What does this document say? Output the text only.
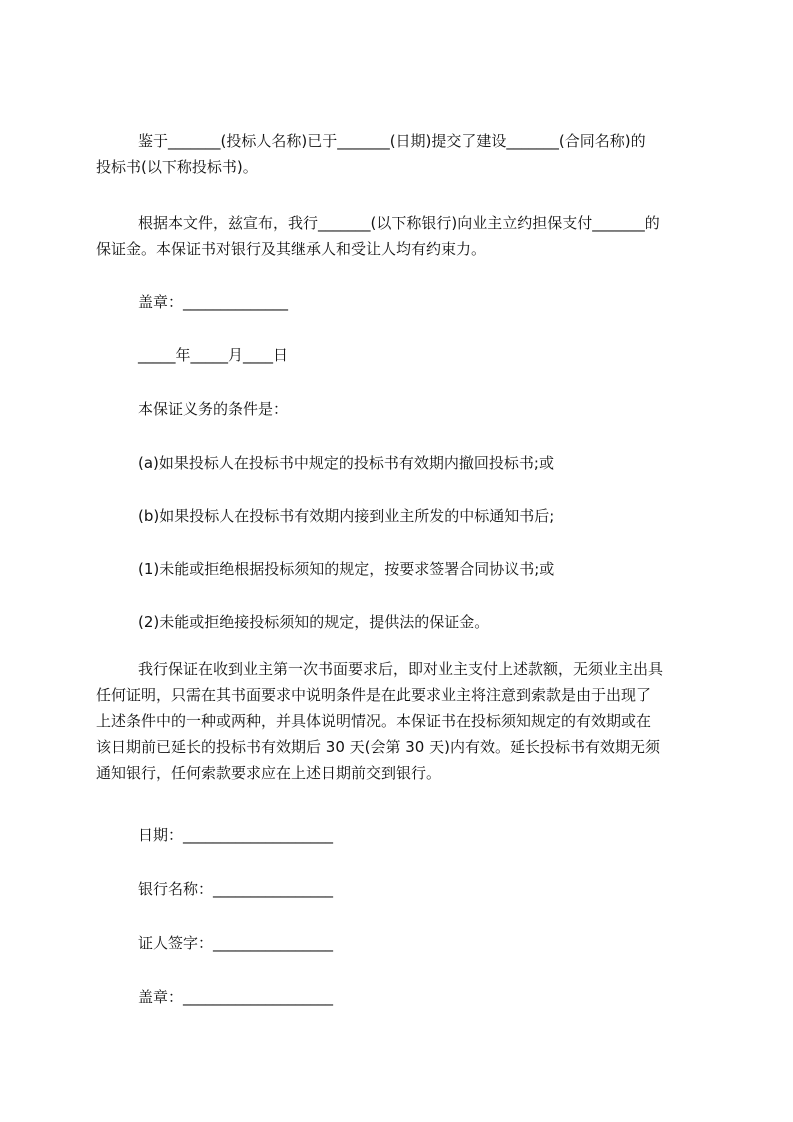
鉴于_______(投标人名称)已于_______(日期)提交了建设_______(合同名称)的
投标书(以下称投标书)。

根据本文件，兹宣布，我行_______(以下称银行)向业主立约担保支付_______的
保证金。本保证书对银行及其继承人和受让人均有约束力。

盖章：______________

_____年_____月____日

本保证义务的条件是：

(a)如果投标人在投标书中规定的投标书有效期内撤回投标书;或

(b)如果投标人在投标书有效期内接到业主所发的中标通知书后;

(1)未能或拒绝根据投标须知的规定，按要求签署合同协议书;或

(2)未能或拒绝接投标须知的规定，提供法的保证金。

我行保证在收到业主第一次书面要求后，即对业主支付上述款额，无须业主出具
任何证明，只需在其书面要求中说明条件是在此要求业主将注意到索款是由于出现了
上述条件中的一种或两种，并具体说明情况。本保证书在投标须知规定的有效期或在
该日期前已延长的投标书有效期后 30 天(会第 30 天)内有效。延长投标书有效期无须
通知银行，任何索款要求应在上述日期前交到银行。

日期：____________________

银行名称：________________

证人签字：________________

盖章：____________________
